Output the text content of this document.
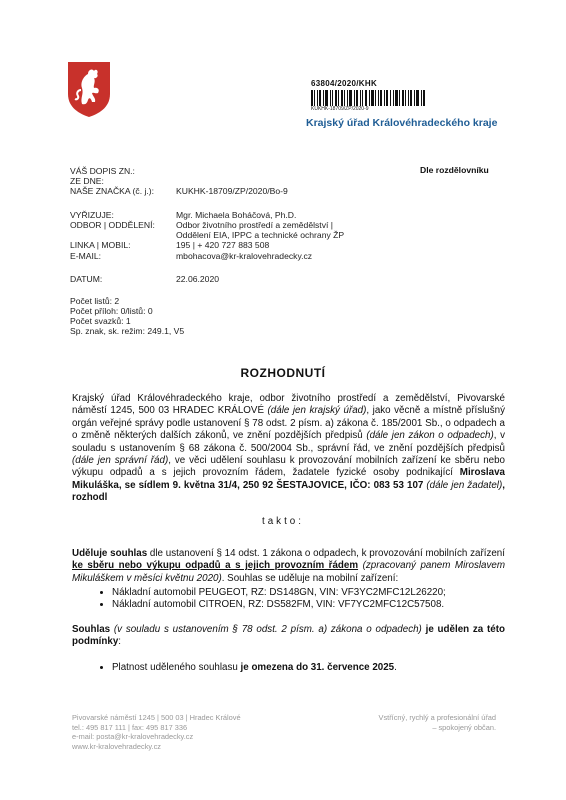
63804/2020/KHK
KUKHK-18709/ZP/2020-9
Krajský úřad Královéhradeckého kraje
Dle rozdělovníku
VÁŠ DOPIS ZN.:
ZE DNE:
NAŠE ZNAČKA (č. j.):	KUKHK-18709/ZP/2020/Bo-9
VYŘIZUJE:	Mgr. Michaela Boháčová, Ph.D.
ODBOR | ODDĚLENÍ:	Odbor životního prostředí a zemědělství |
Oddělení EIA, IPPC a technické ochrany ŽP
LINKA | MOBIL:	195 | + 420 727 883 508
E-MAIL:	mbohacova@kr-kralovehradecky.cz
DATUM:	22.06.2020
Počet listů: 2
Počet příloh: 0/listů: 0
Počet svazků: 1
Sp. znak, sk. režim: 249.1, V5
ROZHODNUTÍ
Krajský úřad Královéhradeckého kraje, odbor životního prostředí a zemědělství, Pivovarské náměstí 1245, 500 03 HRADEC KRÁLOVÉ (dále jen krajský úřad), jako věcně a místně příslušný orgán veřejné správy podle ustanovení § 78 odst. 2 písm. a) zákona č. 185/2001 Sb., o odpadech a o změně některých dalších zákonů, ve znění pozdějších předpisů (dále jen zákon o odpadech), v souladu s ustanovením § 68 zákona č. 500/2004 Sb., správní řád, ve znění pozdějších předpisů (dále jen správní řád), ve věci udělení souhlasu k provozování mobilních zařízení ke sběru nebo výkupu odpadů a s jejich provozním řádem, žadatele fyzické osoby podnikající Miroslava Mikuláška, se sídlem 9. května 31/4, 250 92 ŠESTAJOVICE, IČO: 083 53 107 (dále jen žadatel), rozhodl
takto:
Uděluje souhlas dle ustanovení § 14 odst. 1 zákona o odpadech, k provozování mobilních zařízení ke sběru nebo výkupu odpadů a s jejich provozním řádem (zpracovaný panem Miroslavem Mikuláškem v měsíci květnu 2020). Souhlas se uděluje na mobilní zařízení:
• Nákladní automobil PEUGEOT, RZ: DS148GN, VIN: VF3YC2MFC12L26220;
• Nákladní automobil CITROEN, RZ: DS582FM, VIN: VF7YC2MFC12C57508.
Souhlas (v souladu s ustanovením § 78 odst. 2 písm. a) zákona o odpadech) je udělen za této podmínky:
• Platnost uděleného souhlasu je omezena do 31. července 2025.
Pivovarské náměstí 1245 | 500 03 | Hradec Králové
tel.: 495 817 111 | fax: 495 817 336
e-mail: posta@kr-kralovehradecky.cz
www.kr-kralovehradecky.cz
Vstřícný, rychlý a profesionální úřad
– spokojený občan.
